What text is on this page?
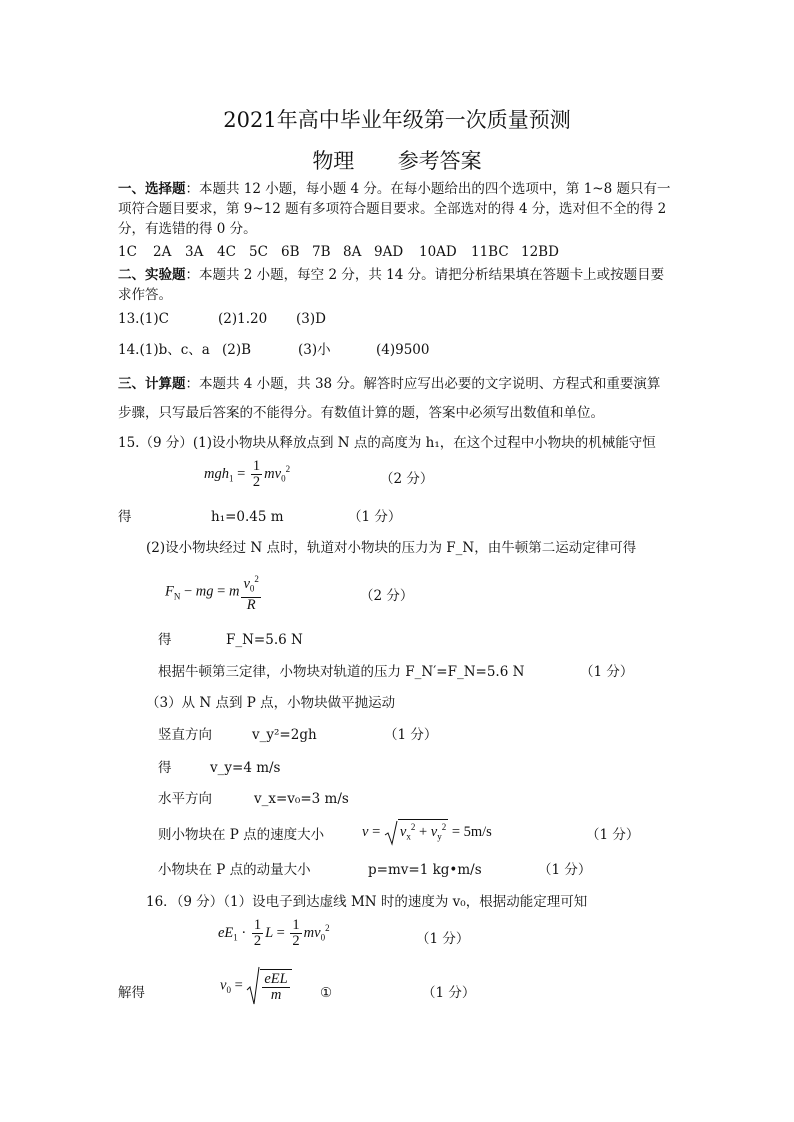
2021年高中毕业年级第一次质量预测
物理 参考答案
一、选择题：本题共 12 小题，每小题 4 分。在每小题给出的四个选项中，第 1~8 题只有一
项符合题目要求，第 9~12 题有多项符合题目要求。全部选对的得 4 分，选对但不全的得 2
分，有选错的得 0 分。
1C 2A 3A 4C 5C 6B 7B 8A 9AD 10AD 11BC 12BD
二、实验题：本题共 2 小题，每空 2 分，共 14 分。请把分析结果填在答题卡上或按题目要
求作答。
13.(1)C	(2)1.20 (3)D
14.(1)b、c、a (2)B	(3)小	(4)9500
三、计算题：本题共 4 小题，共 38 分。解答时应写出必要的文字说明、方程式和重要演算
步骤，只写最后答案的不能得分。有数值计算的题，答案中必须写出数值和单位。
15.（9 分）(1)设小物块从释放点到 N 点的高度为 h₁，在这个过程中小物块的机械能守恒
$mgh_1 = \frac{1}{2} mv_0^2$
（2 分）
得	h₁=0.45 m	（1 分）
(2)设小物块经过 N 点时，轨道对小物块的压力为 F_N，由牛顿第二运动定律可得
$F_N$ − mg = m $\frac{v_0^2}{R}$	（2 分）
得	F_N=5.6 N
根据牛顿第三定律，小物块对轨道的压力 F_N′=F_N=5.6 N	（1 分）
（3）从 N 点到 P 点，小物块做平抛运动
竖直方向	v_y²=2gh	（1 分）
得	v_y=4 m/s
水平方向	v_x=v₀=3 m/s
则小物块在 P 点的速度大小	$v = v_x^2 + v_y^2 = 5m/s$	（1 分）
小物块在 P 点的动量大小	p=mv=1 kg•m/s	（1 分）
16．（9 分）（1）设电子到达虚线 MN 时的速度为 v₀，根据动能定理可知
$eE_1 \cdot \frac{1}{2}$ $L = \frac{1}{2} mv_0^2$
（1 分）
解得	$v_0 = \frac{\text{eEL}}{m}$ ①	（1 分）
